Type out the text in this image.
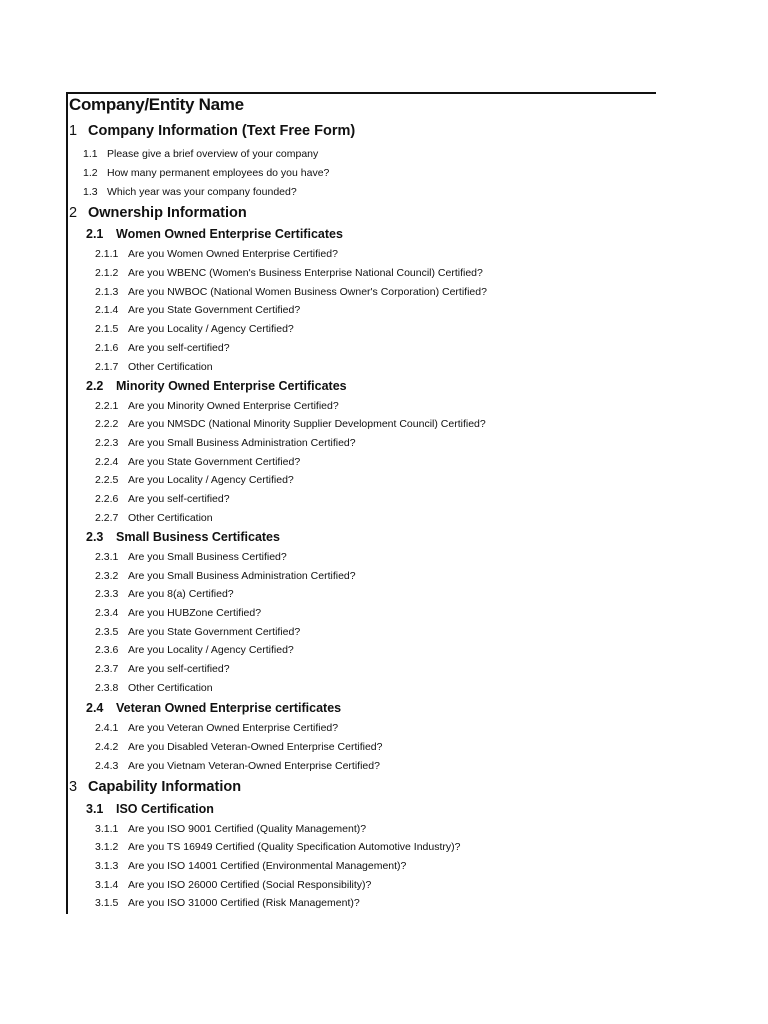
Company/Entity Name
1 Company Information (Text Free Form)
1.1 Please give a brief overview of your company
1.2 How many permanent employees do you have?
1.3 Which year was your company founded?
2 Ownership Information
2.1 Women Owned Enterprise Certificates
2.1.1 Are you Women Owned Enterprise Certified?
2.1.2 Are you WBENC (Women's Business Enterprise National Council) Certified?
2.1.3 Are you NWBOC (National Women Business Owner's Corporation) Certified?
2.1.4 Are you State Government Certified?
2.1.5 Are you Locality / Agency Certified?
2.1.6 Are you self-certified?
2.1.7 Other Certification
2.2 Minority Owned Enterprise Certificates
2.2.1 Are you Minority Owned Enterprise Certified?
2.2.2 Are you NMSDC (National Minority Supplier Development Council) Certified?
2.2.3 Are you Small Business Administration Certified?
2.2.4 Are you State Government Certified?
2.2.5 Are you Locality / Agency Certified?
2.2.6 Are you self-certified?
2.2.7 Other Certification
2.3 Small Business Certificates
2.3.1 Are you Small Business Certified?
2.3.2 Are you Small Business Administration Certified?
2.3.3 Are you 8(a) Certified?
2.3.4 Are you HUBZone Certified?
2.3.5 Are you State Government Certified?
2.3.6 Are you Locality / Agency Certified?
2.3.7 Are you self-certified?
2.3.8 Other Certification
2.4 Veteran Owned Enterprise certificates
2.4.1 Are you Veteran Owned Enterprise Certified?
2.4.2 Are you Disabled Veteran-Owned Enterprise Certified?
2.4.3 Are you Vietnam Veteran-Owned Enterprise Certified?
3 Capability Information
3.1 ISO Certification
3.1.1 Are you ISO 9001 Certified (Quality Management)?
3.1.2 Are you TS 16949 Certified (Quality Specification Automotive Industry)?
3.1.3 Are you ISO 14001 Certified (Environmental Management)?
3.1.4 Are you ISO 26000 Certified (Social Responsibility)?
3.1.5 Are you ISO 31000 Certified (Risk Management)?
